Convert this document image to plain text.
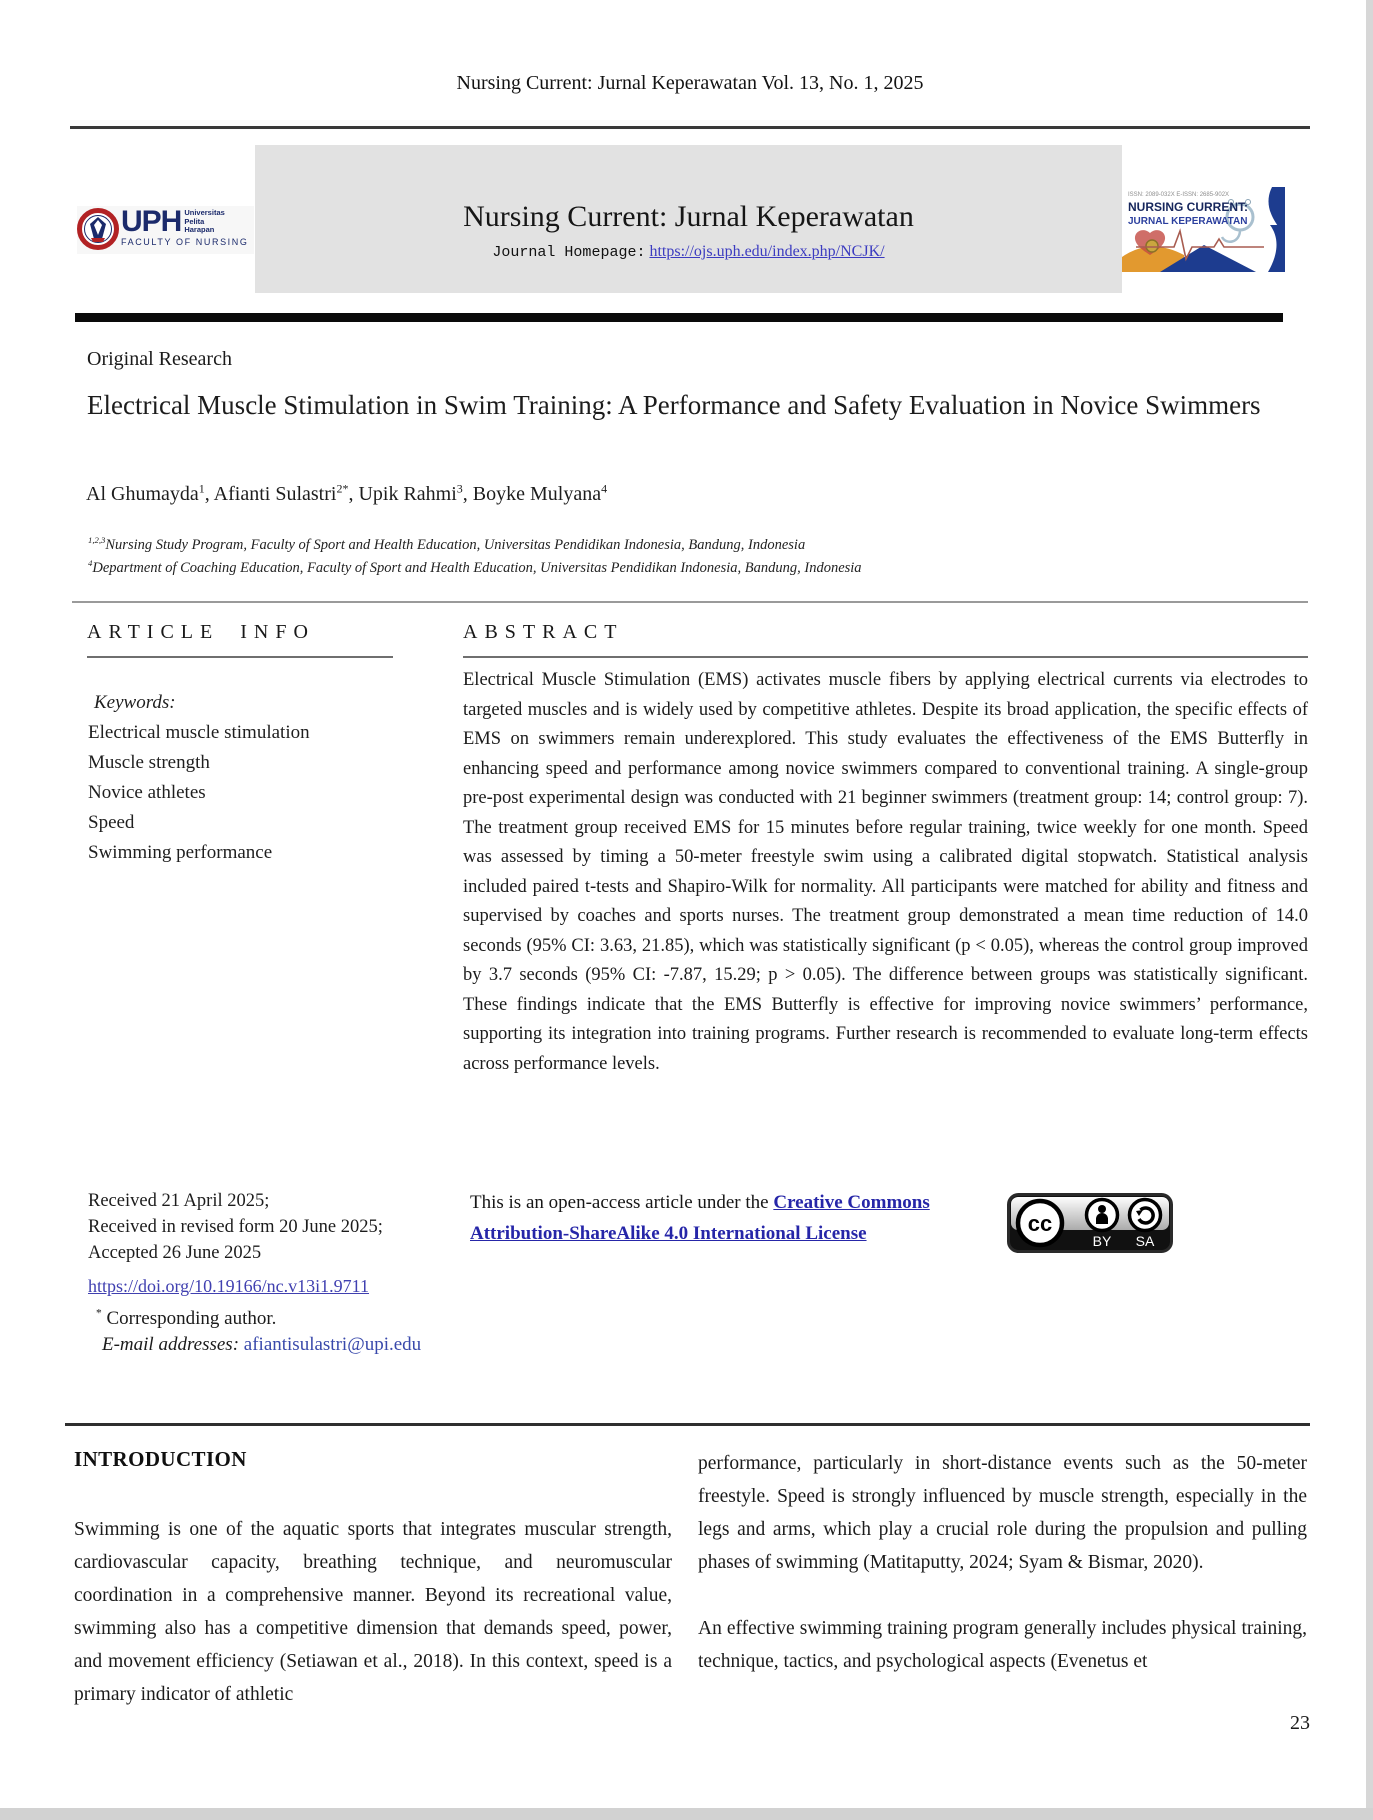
Nursing Current: Jurnal Keperawatan Vol. 13, No. 1, 2025
Nursing Current: Jurnal Keperawatan
Journal Homepage: https://ojs.uph.edu/index.php/NCJK/
UPH Universitas
Pelita
Harapan
FACULTY OF NURSING
ISSN: 2089-032X E-ISSN: 2685-902X
NURSING CURRENT:
JURNAL KEPERAWATAN
Original Research
Electrical Muscle Stimulation in Swim Training: A Performance and Safety Evaluation in Novice Swimmers
Al Ghumayda$^1$, Afianti Sulastri$^{2*}$, Upik Rahmi$^3$, Boyke Mulyana$^4$
$^{1,2,3}$Nursing Study Program, Faculty of Sport and Health Education, Universitas Pendidikan Indonesia, Bandung, Indonesia
$^4$Department of Coaching Education, Faculty of Sport and Health Education, Universitas Pendidikan Indonesia, Bandung, Indonesia
ARTICLE INFO	ABSTRACT
Keywords:
Electrical muscle stimulation
Muscle strength
Novice athletes
Speed
Swimming performance
Electrical Muscle Stimulation (EMS) activates muscle fibers by applying electrical currents via electrodes to targeted muscles and is widely used by competitive athletes. Despite its broad application, the specific effects of EMS on swimmers remain underexplored. This study evaluates the effectiveness of the EMS Butterfly in enhancing speed and performance among novice swimmers compared to conventional training. A single-group pre-post experimental design was conducted with 21 beginner swimmers (treatment group: 14; control group: 7). The treatment group received EMS for 15 minutes before regular training, twice weekly for one month. Speed was assessed by timing a 50-meter freestyle swim using a calibrated digital stopwatch. Statistical analysis included paired t-tests and Shapiro-Wilk for normality. All participants were matched for ability and fitness and supervised by coaches and sports nurses. The treatment group demonstrated a mean time reduction of 14.0 seconds (95% CI: 3.63, 21.85), which was statistically significant (p < 0.05), whereas the control group improved by 3.7 seconds (95% CI: -7.87, 15.29; p > 0.05). The difference between groups was statistically significant. These findings indicate that the EMS Butterfly is effective for improving novice swimmers’ performance, supporting its integration into training programs. Further research is recommended to evaluate long-term effects across performance levels.
Received 21 April 2025;
Received in revised form 20 June 2025;
Accepted 26 June 2025
https://doi.org/10.19166/nc.v13i1.9711
This is an open-access article under the Creative Commons Attribution-ShareAlike 4.0 International License	cc
BY SA
* Corresponding author.
E-mail addresses: afiantisulastri@upi.edu
INTRODUCTION
Swimming is one of the aquatic sports that integrates muscular strength, cardiovascular capacity, breathing technique, and neuromuscular coordination in a comprehensive manner. Beyond its recreational value, swimming also has a competitive dimension that demands speed, power, and movement efficiency (Setiawan et al., 2018). In this context, speed is a primary indicator of athletic
performance, particularly in short-distance events such as the 50-meter freestyle. Speed is strongly influenced by muscle strength, especially in the legs and arms, which play a crucial role during the propulsion and pulling phases of swimming (Matitaputty, 2024; Syam & Bismar, 2020).
An effective swimming training program generally includes physical training, technique, tactics, and psychological aspects (Evenetus et
23
